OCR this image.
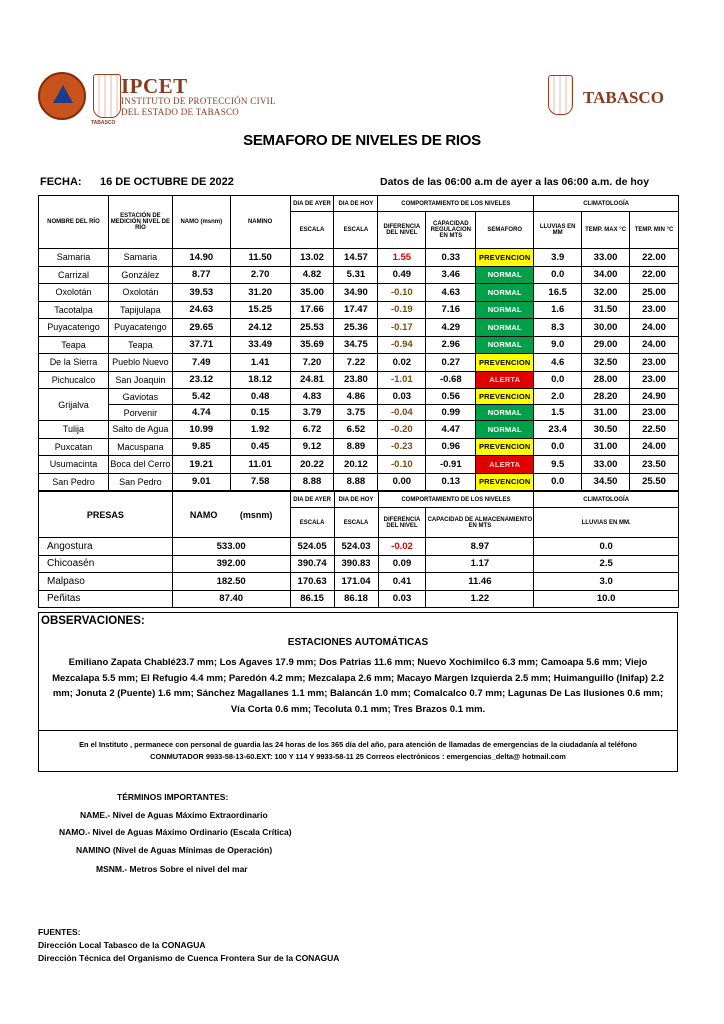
TABASCO
IPCET
INSTITUTO DE PROTECCIÓN CIVIL
DEL ESTADO DE TABASCO
TABASCO
SEMAFORO DE NIVELES DE RIOS
FECHA: 16 DE OCTUBRE DE 2022	Datos de las 06:00 a.m de ayer a las 06:00 a.m. de hoy
NOMBRE DEL RÍO	ESTACIÓN DE MEDICIÓN NIVEL DE RÍO	NAMO (msnm)	NAMINO	DIA DE AYER	DIA DE HOY	COMPORTAMIENTO DE LOS NIVELES			CLIMATOLOGÍA		
				ESCALA	ESCALA	DIFERENCIA DEL NIVEL	CAPACIDAD REGULACION EN MTS	SEMAFORO	LLUVIAS EN MM	TEMP. MAX °C	TEMP. MIN °C
Samaria	Samaria	14.90	11.50	13.02	14.57	1.55	0.33	PREVENCION	3.9	33.00	22.00
Carrizal	González	8.77	2.70	4.82	5.31	0.49	3.46	NORMAL	0.0	34.00	22.00
Oxolotán	Oxolotán	39.53	31.20	35.00	34.90	-0.10	4.63	NORMAL	16.5	32.00	25.00
Tacotalpa	Tapijulapa	24.63	15.25	17.66	17.47	-0.19	7.16	NORMAL	1.6	31.50	23.00
Puyacatengo	Puyacatengo	29.65	24.12	25.53	25.36	-0.17	4.29	NORMAL	8.3	30.00	24.00
Teapa	Teapa	37.71	33.49	35.69	34.75	-0.94	2.96	NORMAL	9.0	29.00	24.00
De la Sierra	Pueblo Nuevo	7.49	1.41	7.20	7.22	0.02	0.27	PREVENCION	4.6	32.50	23.00
Pichucalco	San Joaquin	23.12	18.12	24.81	23.80	-1.01	-0.68	ALERTA	0.0	28.00	23.00
Grijalva	Gaviotas	5.42	0.48	4.83	4.86	0.03	0.56	PREVENCION	2.0	28.20	24.90
	Porvenir	4.74	0.15	3.79	3.75	-0.04	0.99	NORMAL	1.5	31.00	23.00
Tulija	Salto de Agua	10.99	1.92	6.72	6.52	-0.20	4.47	NORMAL	23.4	30.50	22.50
Puxcatan	Macuspana	9.85	0.45	9.12	8.89	-0.23	0.96	PREVENCION	0.0	31.00	24.00
Usumacinta	Boca del Cerro	19.21	11.01	20.22	20.12	-0.10	-0.91	ALERTA	9.5	33.00	23.50
San Pedro	San Pedro	9.01	7.58	8.88	8.88	0.00	0.13	PREVENCION	0.0	34.50	25.50
PRESAS	NAMO (msnm)	DIA DE AYER	DIA DE HOY	COMPORTAMIENTO DE LOS NIVELES		CLIMATOLOGÍA
		ESCALA	ESCALA	DIFERENCIA DEL NIVEL	CAPACIDAD DE ALMACENAMIENTO EN MTS	LLUVIAS EN MM.
Angostura	533.00	524.05	524.03	-0.02	8.97	0.0
Chicoasén	392.00	390.74	390.83	0.09	1.17	2.5
Malpaso	182.50	170.63	171.04	0.41	11.46	3.0
Peñitas	87.40	86.15	86.18	0.03	1.22	10.0
OBSERVACIONES:
ESTACIONES AUTOMÁTICAS
Emiliano Zapata Chablé23.7 mm; Los Agaves 17.9 mm; Dos Patrias 11.6 mm; Nuevo Xochimilco 6.3 mm; Camoapa 5.6 mm; Viejo Mezcalapa 5.5 mm; El Refugio 4.4 mm; Paredón 4.2 mm; Mezcalapa 2.6 mm; Macayo Margen Izquierda 2.5 mm; Huimanguillo (Inifap) 2.2 mm; Jonuta 2 (Puente) 1.6 mm; Sánchez Magallanes 1.1 mm; Balancán 1.0 mm; Comalcalco 0.7 mm; Lagunas De Las Ilusiones 0.6 mm; Vía Corta 0.6 mm; Tecoluta 0.1 mm; Tres Brazos 0.1 mm.
En el Instituto , permanece con personal de guardia las 24 horas de los 365 día del año, para atención de llamadas de emergencias de la ciudadanía al teléfono
CONMUTADOR 9933-58-13-60.EXT: 100 Y 114 Y 9933-58-11 25 Correos electrónicos : emergencias_delta@ hotmail.com
TÉRMINOS IMPORTANTES:
NAME.- Nivel de Aguas Máximo Extraordinario
NAMO.- Nivel de Aguas Máximo Ordinario (Escala Crítica)
NAMINO (Nivel de Aguas Mínimas de Operación)
MSNM.- Metros Sobre el nivel del mar
FUENTES:
Dirección Local Tabasco de la CONAGUA
Dirección Técnica del Organismo de Cuenca Frontera Sur de la CONAGUA
